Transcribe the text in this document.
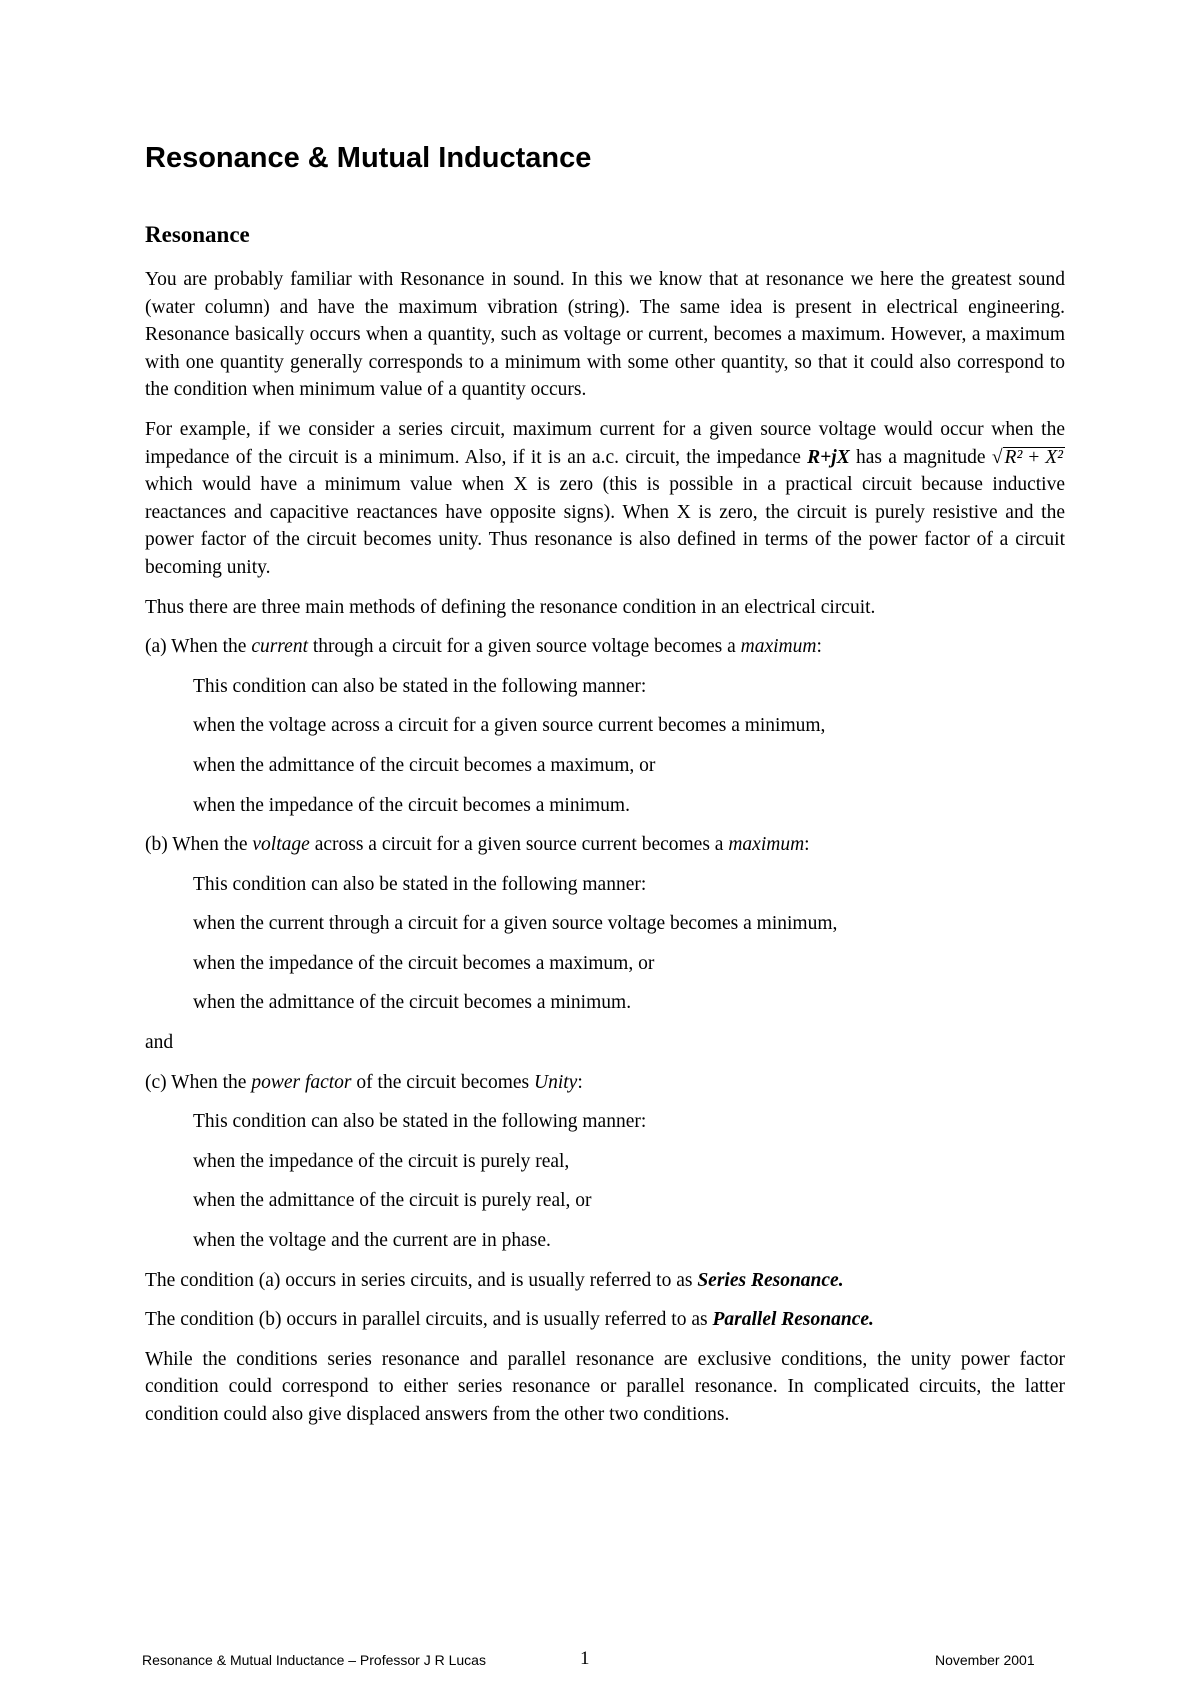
Resonance & Mutual Inductance
Resonance

You are probably familiar with Resonance in sound. In this we know that at resonance we here the greatest sound (water column) and have the maximum vibration (string). The same idea is present in electrical engineering. Resonance basically occurs when a quantity, such as voltage or current, becomes a maximum. However, a maximum with one quantity generally corresponds to a minimum with some other quantity, so that it could also correspond to the condition when minimum value of a quantity occurs.

For example, if we consider a series circuit, maximum current for a given source voltage would occur when the impedance of the circuit is a minimum. Also, if it is an a.c. circuit, the impedance R+jX has a magnitude √ R² + X² which would have a minimum value when X is zero (this is possible in a practical circuit because inductive reactances and capacitive reactances have opposite signs). When X is zero, the circuit is purely resistive and the power factor of the circuit becomes unity. Thus resonance is also defined in terms of the power factor of a circuit becoming unity.

Thus there are three main methods of defining the resonance condition in an electrical circuit.
(a) When the current through a circuit for a given source voltage becomes a maximum:
This condition can also be stated in the following manner:
when the voltage across a circuit for a given source current becomes a minimum,
when the admittance of the circuit becomes a maximum, or
when the impedance of the circuit becomes a minimum.
(b) When the voltage across a circuit for a given source current becomes a maximum:
This condition can also be stated in the following manner:
when the current through a circuit for a given source voltage becomes a minimum,
when the impedance of the circuit becomes a maximum, or
when the admittance of the circuit becomes a minimum.
and
(c) When the power factor of the circuit becomes Unity:
This condition can also be stated in the following manner:
when the impedance of the circuit is purely real,
when the admittance of the circuit is purely real, or
when the voltage and the current are in phase.
The condition (a) occurs in series circuits, and is usually referred to as Series Resonance.
The condition (b) occurs in parallel circuits, and is usually referred to as Parallel Resonance.

While the conditions series resonance and parallel resonance are exclusive conditions, the unity power factor condition could correspond to either series resonance or parallel resonance. In complicated circuits, the latter condition could also give displaced answers from the other two conditions.

Resonance & Mutual Inductance – Professor J R Lucas	1	November 2001
